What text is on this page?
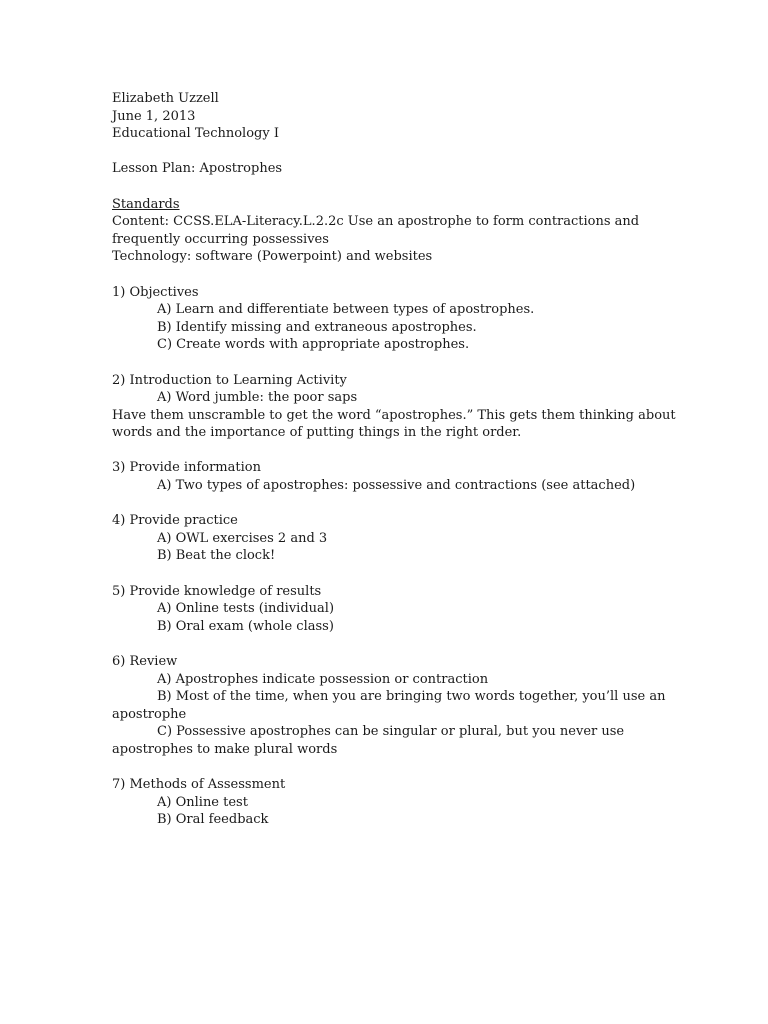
Elizabeth Uzzell
June 1, 2013
Educational Technology I
Lesson Plan: Apostrophes
Standards
Content: CCSS.ELA-Literacy.L.2.2c Use an apostrophe to form contractions and
frequently occurring possessives
Technology: software (Powerpoint) and websites
1) Objectives
A) Learn and differentiate between types of apostrophes.
B) Identify missing and extraneous apostrophes.
C) Create words with appropriate apostrophes.
2) Introduction to Learning Activity
A) Word jumble: the poor saps
Have them unscramble to get the word “apostrophes.” This gets them thinking about
words and the importance of putting things in the right order.
3) Provide information
A) Two types of apostrophes: possessive and contractions (see attached)
4) Provide practice
A) OWL exercises 2 and 3
B) Beat the clock!
5) Provide knowledge of results
A) Online tests (individual)
B) Oral exam (whole class)
6) Review
A) Apostrophes indicate possession or contraction
B) Most of the time, when you are bringing two words together, you’ll use an
apostrophe
C) Possessive apostrophes can be singular or plural, but you never use
apostrophes to make plural words
7) Methods of Assessment
A) Online test
B) Oral feedback
